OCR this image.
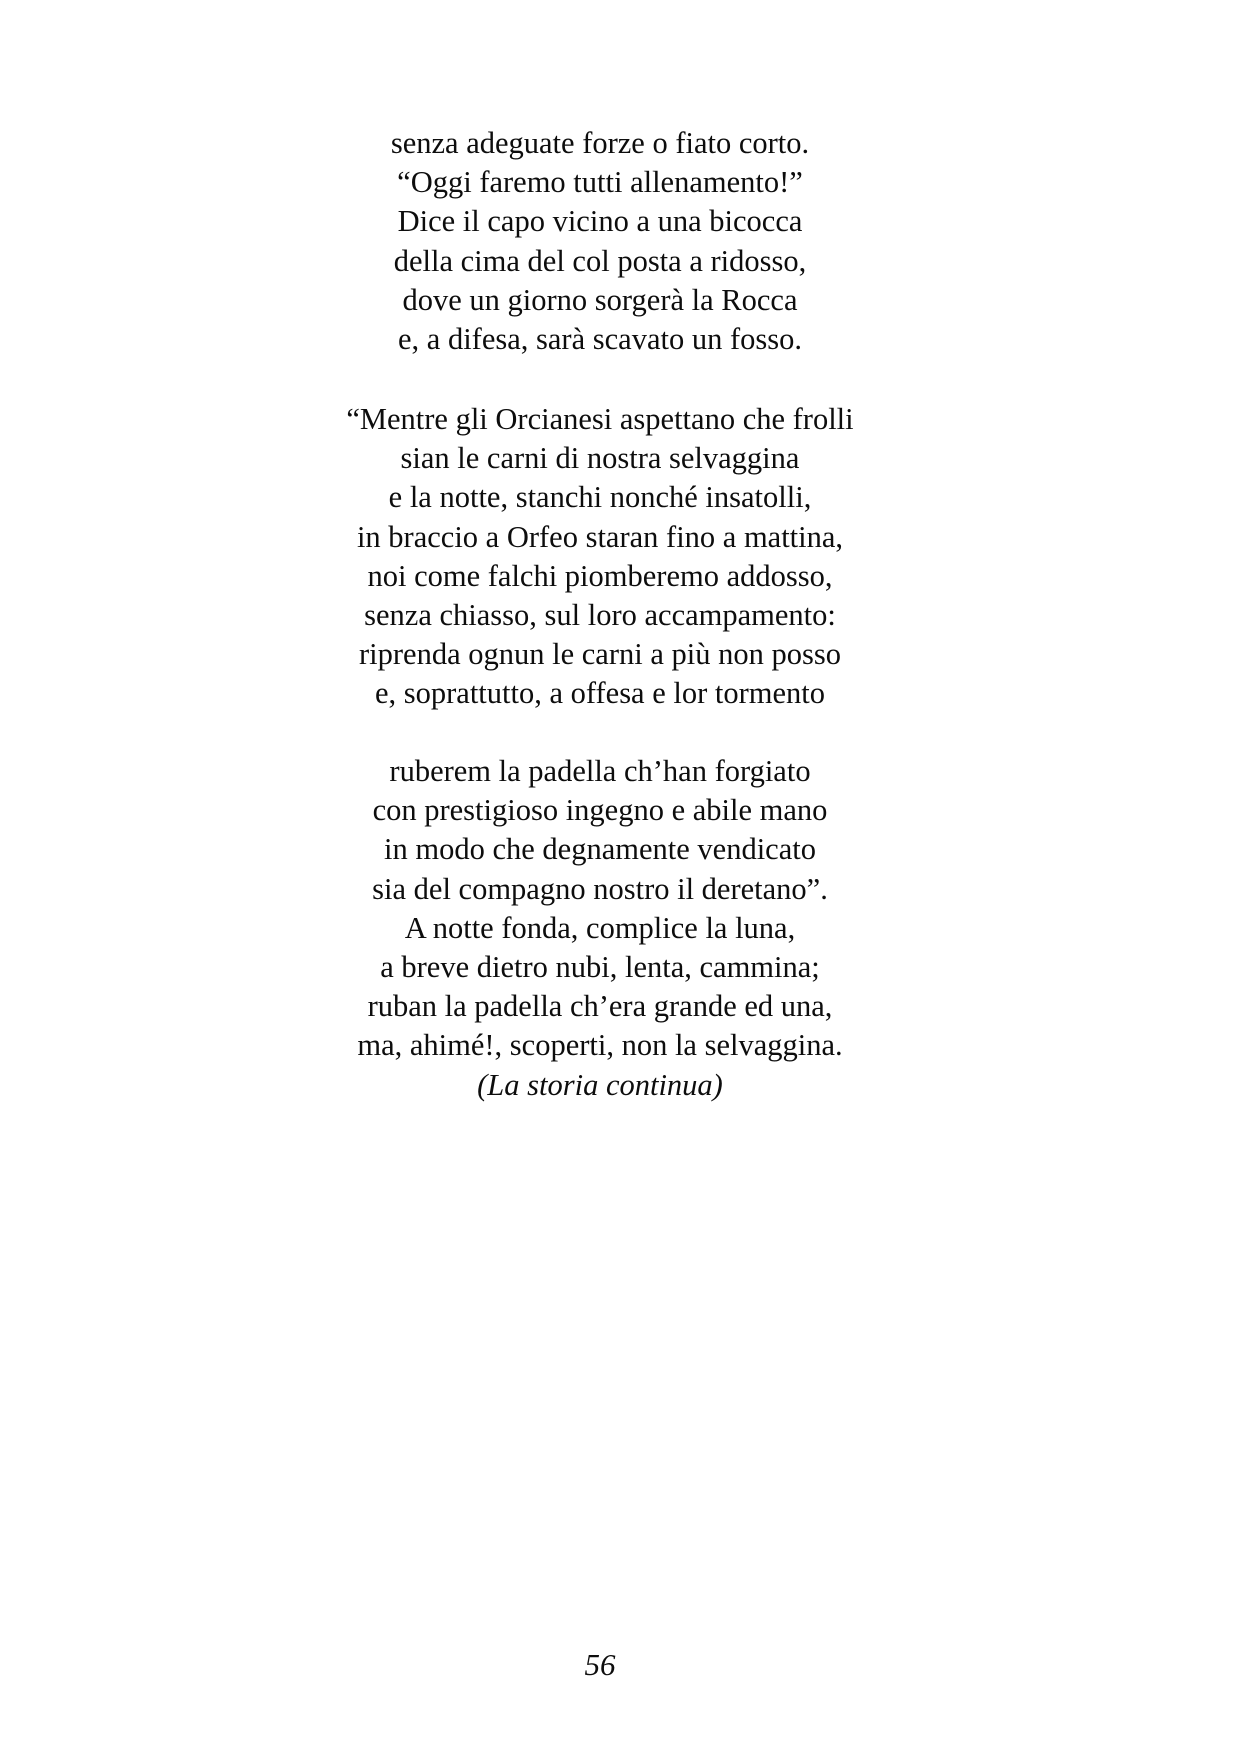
senza adeguate forze o fiato corto.
“Oggi faremo tutti allenamento!”
Dice il capo vicino a una bicocca
della cima del col posta a ridosso,
dove un giorno sorgerà la Rocca
e, a difesa, sarà scavato un fosso.
“Mentre gli Orcianesi aspettano che frolli
sian le carni di nostra selvaggina
e la notte, stanchi nonché insatolli,
in braccio a Orfeo staran fino a mattina,
noi come falchi piomberemo addosso,
senza chiasso, sul loro accampamento:
riprenda ognun le carni a più non posso
e, soprattutto, a offesa e lor tormento
ruberem la padella ch’han forgiato
con prestigioso ingegno e abile mano
in modo che degnamente vendicato
sia del compagno nostro il deretano”.
A notte fonda, complice la luna,
a breve dietro nubi, lenta, cammina;
ruban la padella ch’era grande ed una,
ma, ahimé!, scoperti, non la selvaggina.
(La storia continua)
56
